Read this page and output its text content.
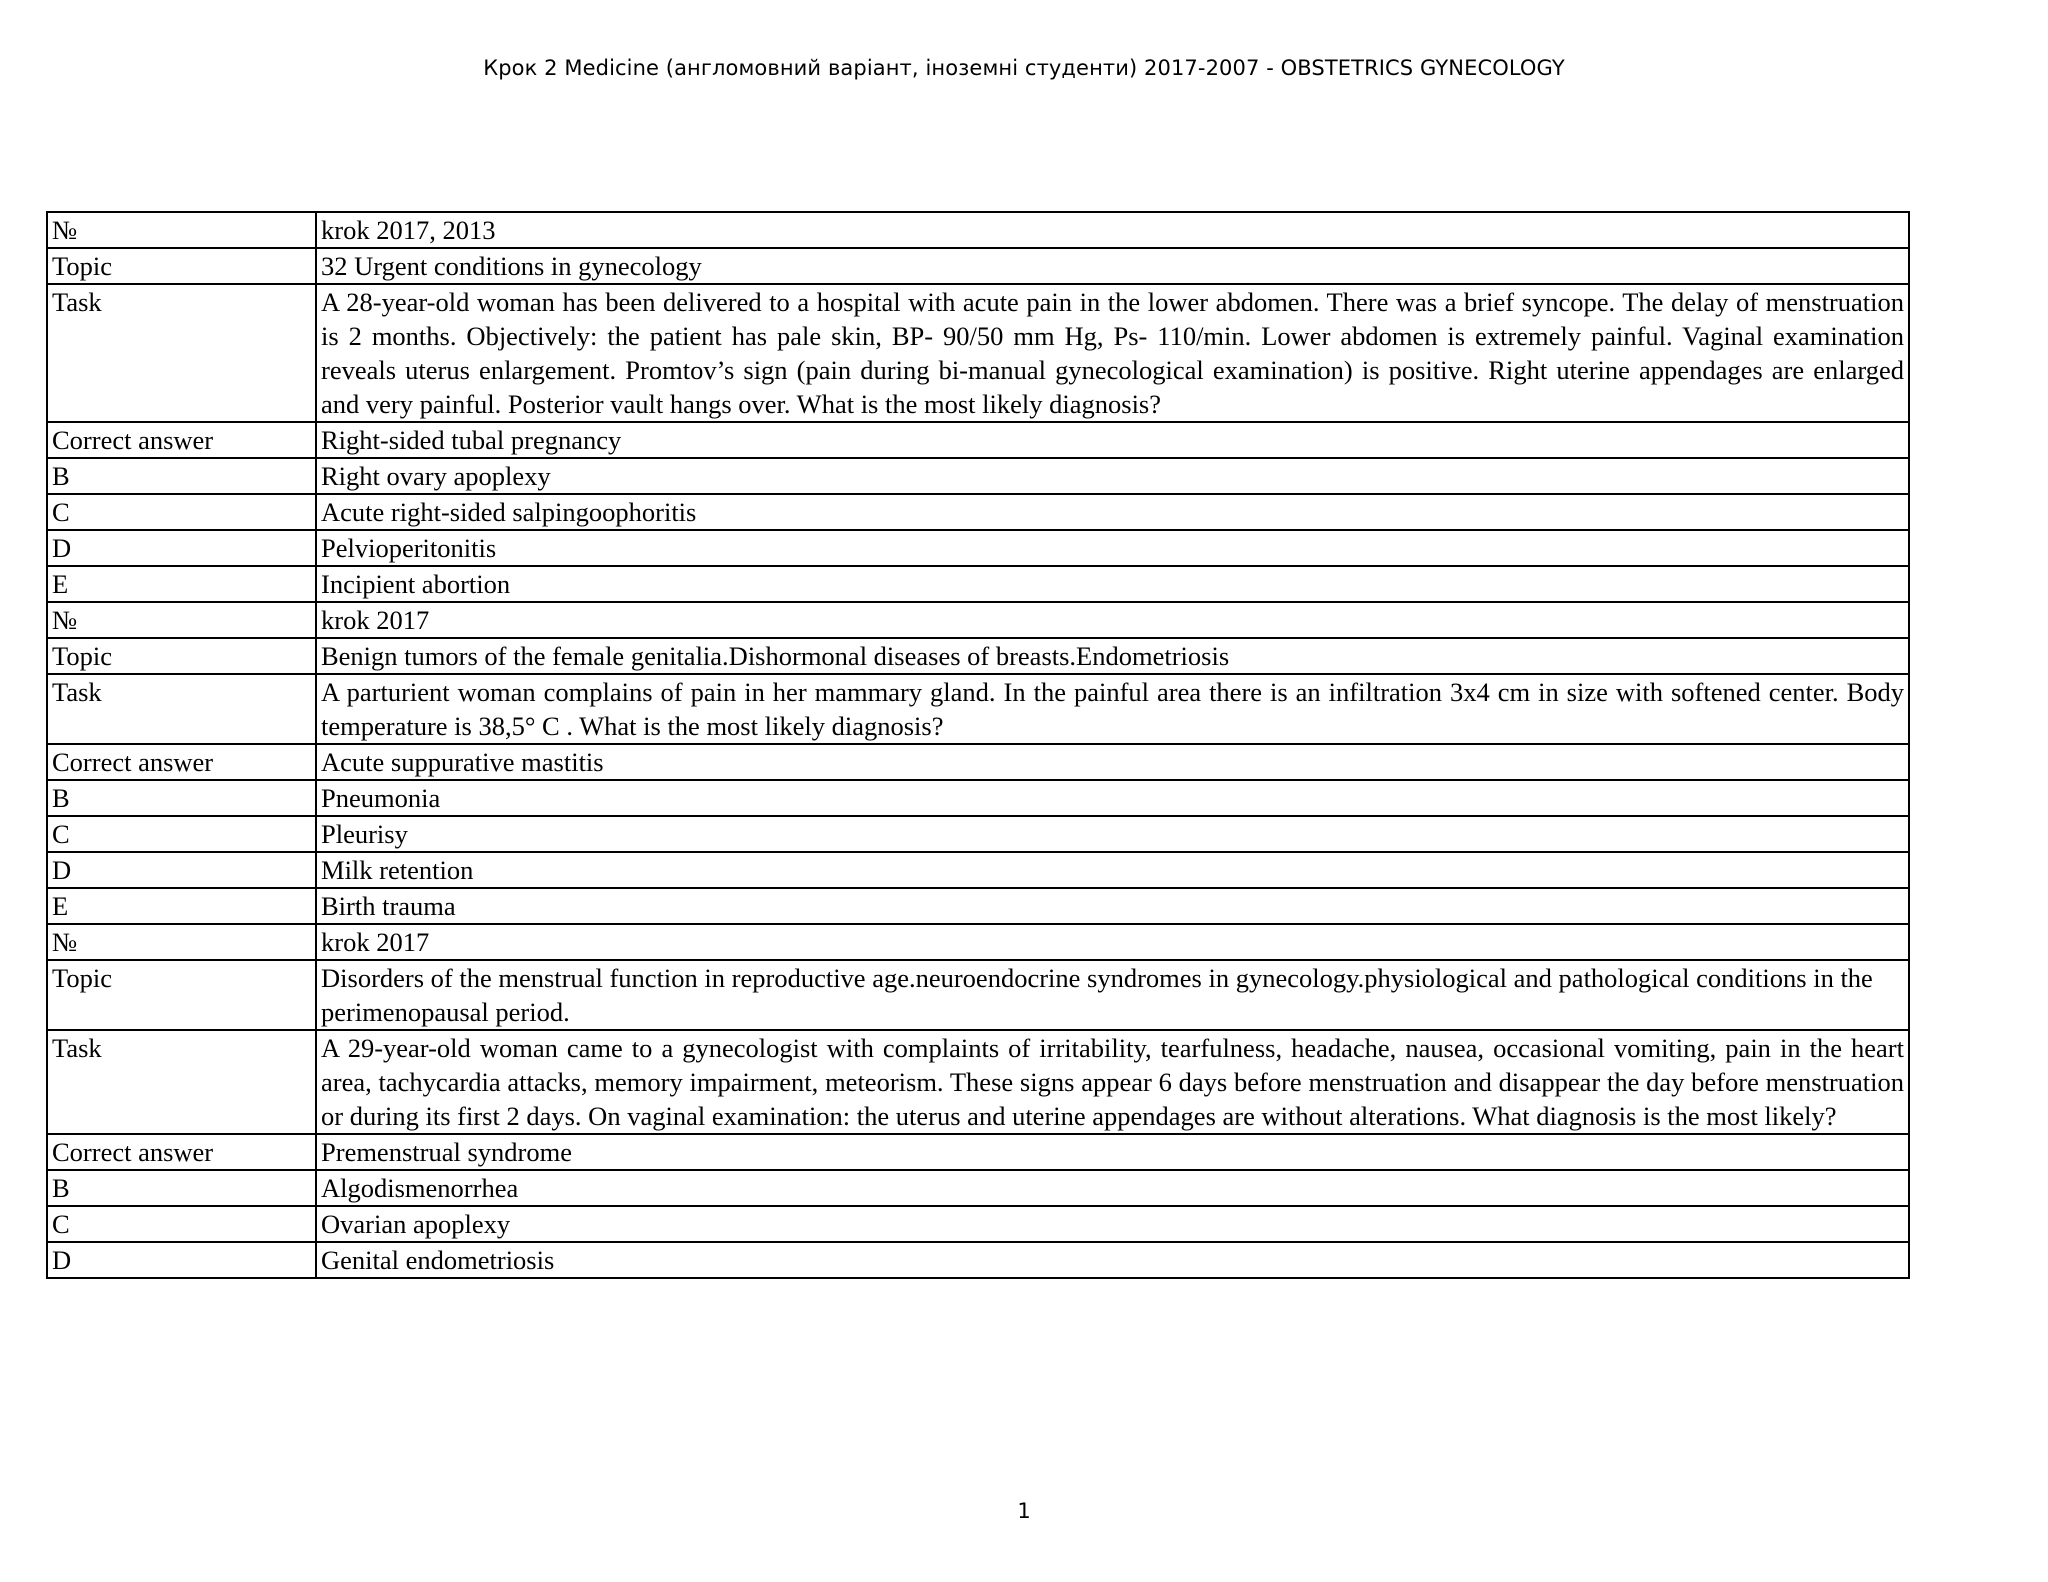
Крок 2 Medicine (англомовний варіант, іноземні студенти) 2017-2007 - OBSTETRICS GYNECOLOGY
№	krok 2017, 2013
Topic	32 Urgent conditions in gynecology
Task	A 28-year-old woman has been delivered to a hospital with acute pain in the lower abdomen. There was a brief syncope. The delay of menstruation is 2 months. Objectively: the patient has pale skin, BP- 90/50 mm Hg, Ps- 110/min. Lower abdomen is extremely painful. Vaginal examination reveals uterus enlargement. Promtov’s sign (pain during bi-manual gynecological examination) is positive. Right uterine appendages are enlarged and very painful. Posterior vault hangs over. What is the most likely diagnosis?
Correct answer	Right-sided tubal pregnancy
B	Right ovary apoplexy
C	Acute right-sided salpingoophoritis
D	Pelvioperitonitis
E	Incipient abortion
№	krok 2017
Topic	Benign tumors of the female genitalia.Dishormonal diseases of breasts.Endometriosis
Task	A parturient woman complains of pain in her mammary gland. In the painful area there is an infiltration 3x4 cm in size with softened center. Body temperature is 38,5° C . What is the most likely diagnosis?
Correct answer	Acute suppurative mastitis
B	Pneumonia
C	Pleurisy
D	Milk retention
E	Birth trauma
№	krok 2017
Topic	Disorders of the menstrual function in reproductive age.neuroendocrine syndromes in gynecology.physiological and pathological conditions in the perimenopausal period.
Task	A 29-year-old woman came to a gynecologist with complaints of irritability, tearfulness, headache, nausea, occasional vomiting, pain in the heart area, tachycardia attacks, memory impairment, meteorism. These signs appear 6 days before menstruation and disappear the day before menstruation or during its first 2 days. On vaginal examination: the uterus and uterine appendages are without alterations. What diagnosis is the most likely?
Correct answer	Premenstrual syndrome
B	Algodismenorrhea
C	Ovarian apoplexy
D	Genital endometriosis
1
